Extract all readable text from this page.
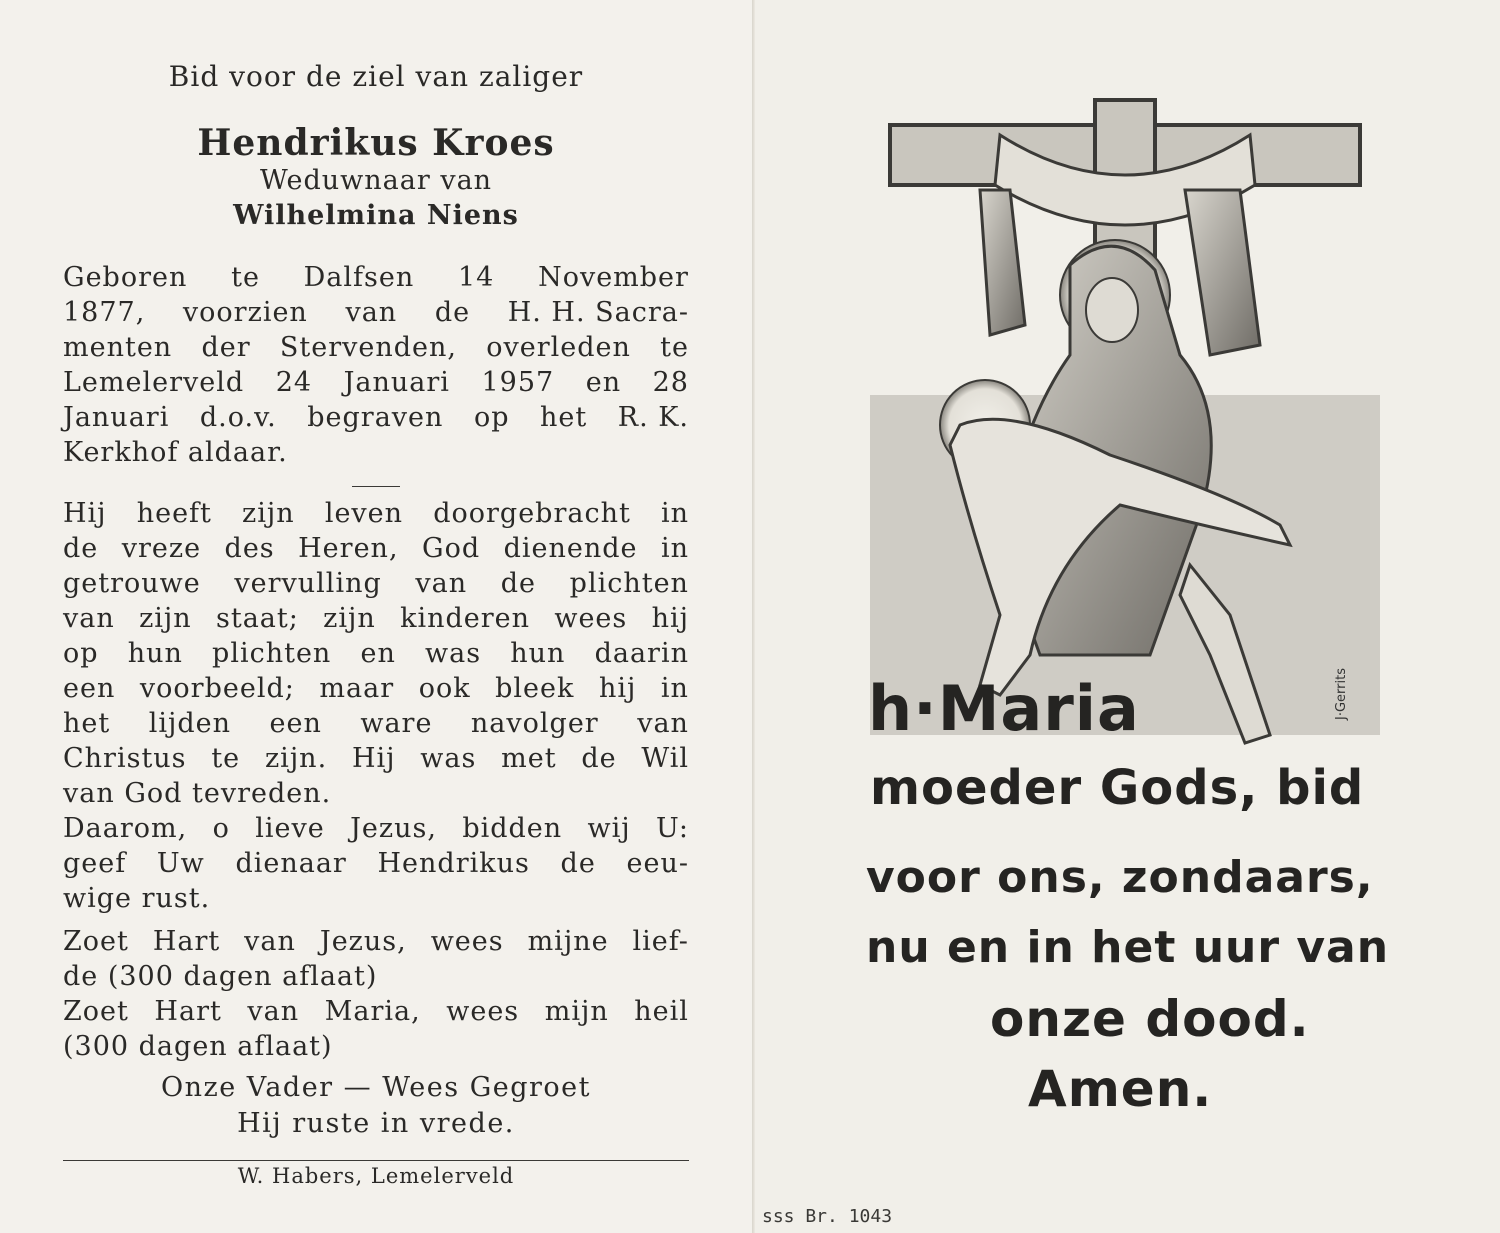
Bid voor de ziel van zaliger
Hendrikus Kroes
Weduwnaar van
Wilhelmina Niens
Geboren te Dalfsen 14 November
1877, voorzien van de H. H. Sacra-
menten der Stervenden, overleden te
Lemelerveld 24 Januari 1957 en 28
Januari d.o.v. begraven op het R. K.
Kerkhof aldaar.
Hij heeft zijn leven doorgebracht in
de vreze des Heren, God dienende in
getrouwe vervulling van de plichten
van zijn staat; zijn kinderen wees hij
op hun plichten en was hun daarin
een voorbeeld; maar ook bleek hij in
het lijden een ware navolger van
Christus te zijn. Hij was met de Wil
van God tevreden.
Daarom, o lieve Jezus, bidden wij U:
geef Uw dienaar Hendrikus de eeu-
wige rust.
Zoet Hart van Jezus, wees mijne lief-
de (300 dagen aflaat)
Zoet Hart van Maria, wees mijn heil
(300 dagen aflaat)
Onze Vader — Wees Gegroet
Hij ruste in vrede.
W. Habers, Lemelerveld
J·Gerrits
h·Maria
moeder Gods, bid
voor ons, zondaars,
nu en in het uur van
onze dood.
Amen.
sss Br. 1043
